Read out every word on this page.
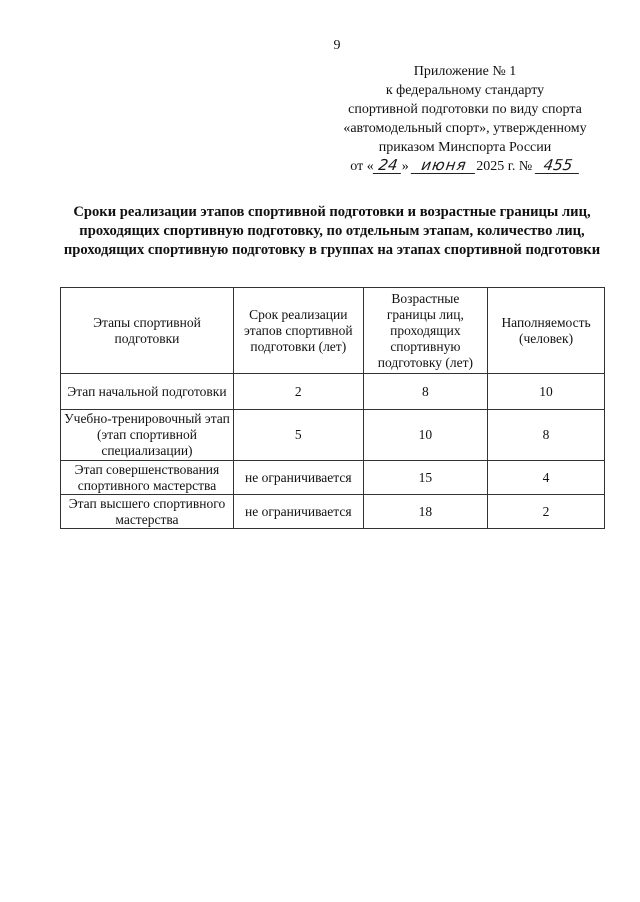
9
Приложение № 1
к федеральному стандарту
спортивной подготовки по виду спорта
«автомодельный спорт», утвержденному
приказом Минспорта России
от « 24 » июня 2025 г. № 455
Сроки реализации этапов спортивной подготовки и возрастные границы лиц, проходящих спортивную подготовку, по отдельным этапам, количество лиц, проходящих спортивную подготовку в группах на этапах спортивной подготовки
Этапы спортивной подготовки	Срок реализации этапов спортивной подготовки (лет)	Возрастные границы лиц, проходящих спортивную подготовку (лет)	Наполняемость (человек)
Этап начальной подготовки	2	8	10
Учебно-тренировочный этап (этап спортивной специализации)	5	10	8
Этап совершенствования спортивного мастерства	не ограничивается	15	4
Этап высшего спортивного мастерства	не ограничивается	18	2
